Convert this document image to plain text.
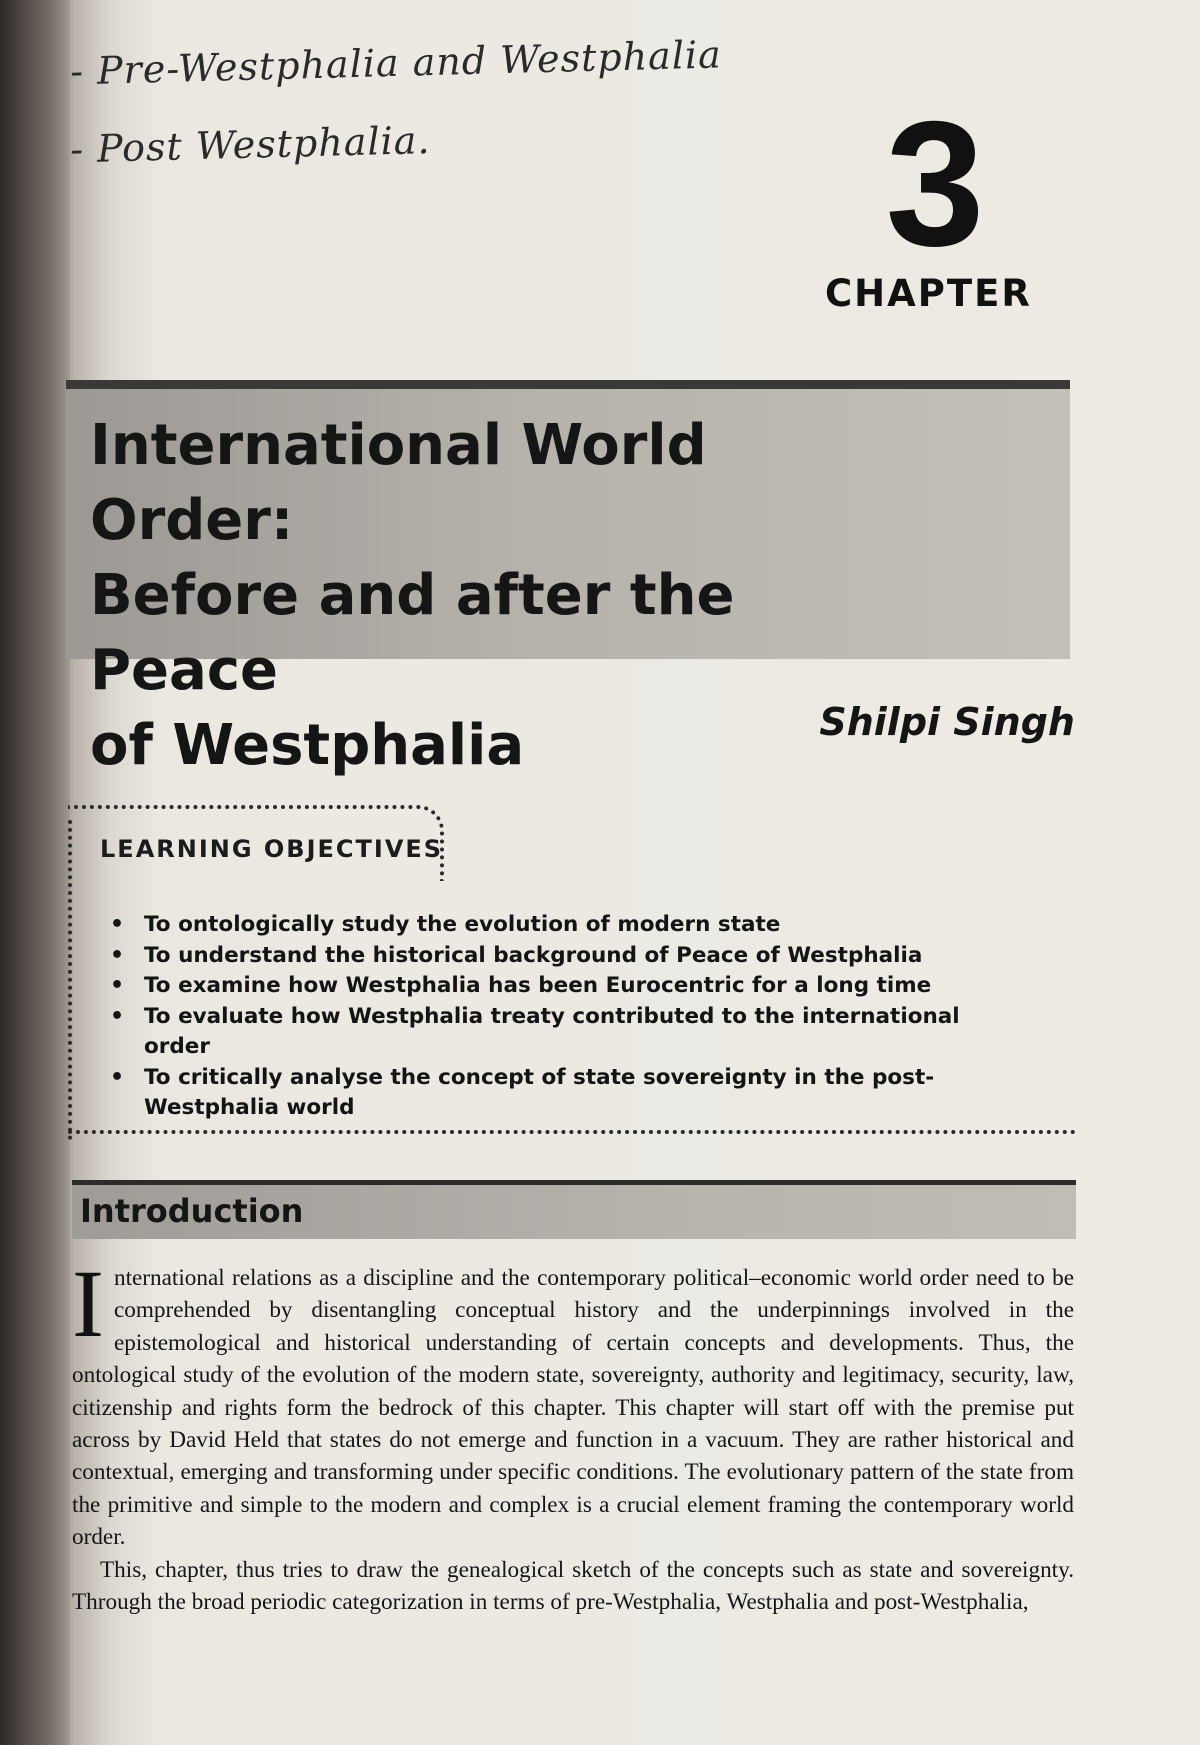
- Pre-Westphalia and Westphalia
- Post Westphalia.	3
CHAPTER
International World Order:
Before and after the Peace
of Westphalia	Shilpi Singh
LEARNING OBJECTIVES
• To ontologically study the evolution of modern state
• To understand the historical background of Peace of Westphalia
• To examine how Westphalia has been Eurocentric for a long time
• To evaluate how Westphalia treaty contributed to the international order
• To critically analyse the concept of state sovereignty in the post-Westphalia world
Introduction

International relations as a discipline and the contemporary political–economic world order need to be comprehended by disentangling conceptual history and the underpinnings involved in the epistemological and historical understanding of certain concepts and developments. Thus, the ontological study of the evolution of the modern state, sovereignty, authority and legitimacy, security, law, citizenship and rights form the bedrock of this chapter. This chapter will start off with the premise put across by David Held that states do not emerge and function in a vacuum. They are rather historical and contextual, emerging and transforming under specific conditions. The evolutionary pattern of the state from the primitive and simple to the modern and complex is a crucial element framing the contemporary world order.

This, chapter, thus tries to draw the genealogical sketch of the concepts such as state and sovereignty. Through the broad periodic categorization in terms of pre-Westphalia, Westphalia and post-Westphalia,
